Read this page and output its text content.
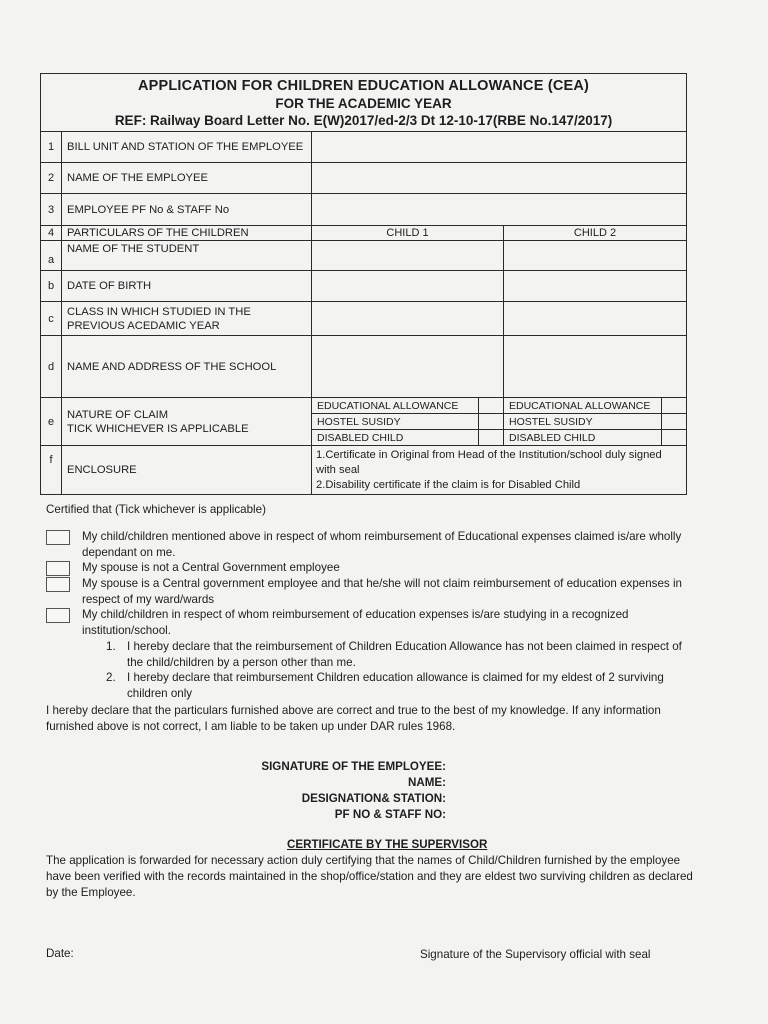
APPLICATION FOR CHILDREN EDUCATION ALLOWANCE (CEA)
FOR THE ACADEMIC YEAR
REF: Railway Board Letter No. E(W)2017/ed-2/3 Dt 12-10-17(RBE No.147/2017)					

1	BILL UNIT AND STATION OF THE EMPLOYEE				
2	NAME OF THE EMPLOYEE				
3	EMPLOYEE PF No & STAFF No				
4	PARTICULARS OF THE CHILDREN	CHILD 1		CHILD 2	
a	NAME OF THE STUDENT				
b	DATE OF BIRTH				
c	CLASS IN WHICH STUDIED IN THE
PREVIOUS ACEDAMIC YEAR				

d	NAME AND ADDRESS OF THE SCHOOL				
e	NATURE OF CLAIM
TICK WHICHEVER IS APPLICABLE	EDUCATIONAL ALLOWANCE		EDUCATIONAL ALLOWANCE	
		HOSTEL SUSIDY		HOSTEL SUSIDY	
		DISABLED CHILD		DISABLED CHILD	
f	ENCLOSURE	1.Certificate in Original from Head of the Institution/school duly signed with seal
2.Disability certificate if the claim is for Disabled Child			
Certified that (Tick whichever is applicable)
My child/children mentioned above in respect of whom reimbursement of Educational expenses claimed is/are wholly dependant on me.
My spouse is not a Central Government employee
My spouse is a Central government employee and that he/she will not claim reimbursement of education expenses in respect of my ward/wards
My child/children in respect of whom reimbursement of education expenses is/are studying in a recognized institution/school.
1. I hereby declare that the reimbursement of Children Education Allowance has not been claimed in respect of the child/children by a person other than me.
2. I hereby declare that reimbursement Children education allowance is claimed for my eldest of 2 surviving children only
I hereby declare that the particulars furnished above are correct and true to the best of my knowledge. If any information furnished above is not correct, I am liable to be taken up under DAR rules 1968.
SIGNATURE OF THE EMPLOYEE:
NAME:
DESIGNATION& STATION:
PF NO & STAFF NO:
CERTIFICATE BY THE SUPERVISOR
The application is forwarded for necessary action duly certifying that the names of Child/Children furnished by the employee have been verified with the records maintained in the shop/office/station and they are eldest two surviving children as declared by the Employee.
Date:	Signature of the Supervisory official with seal
